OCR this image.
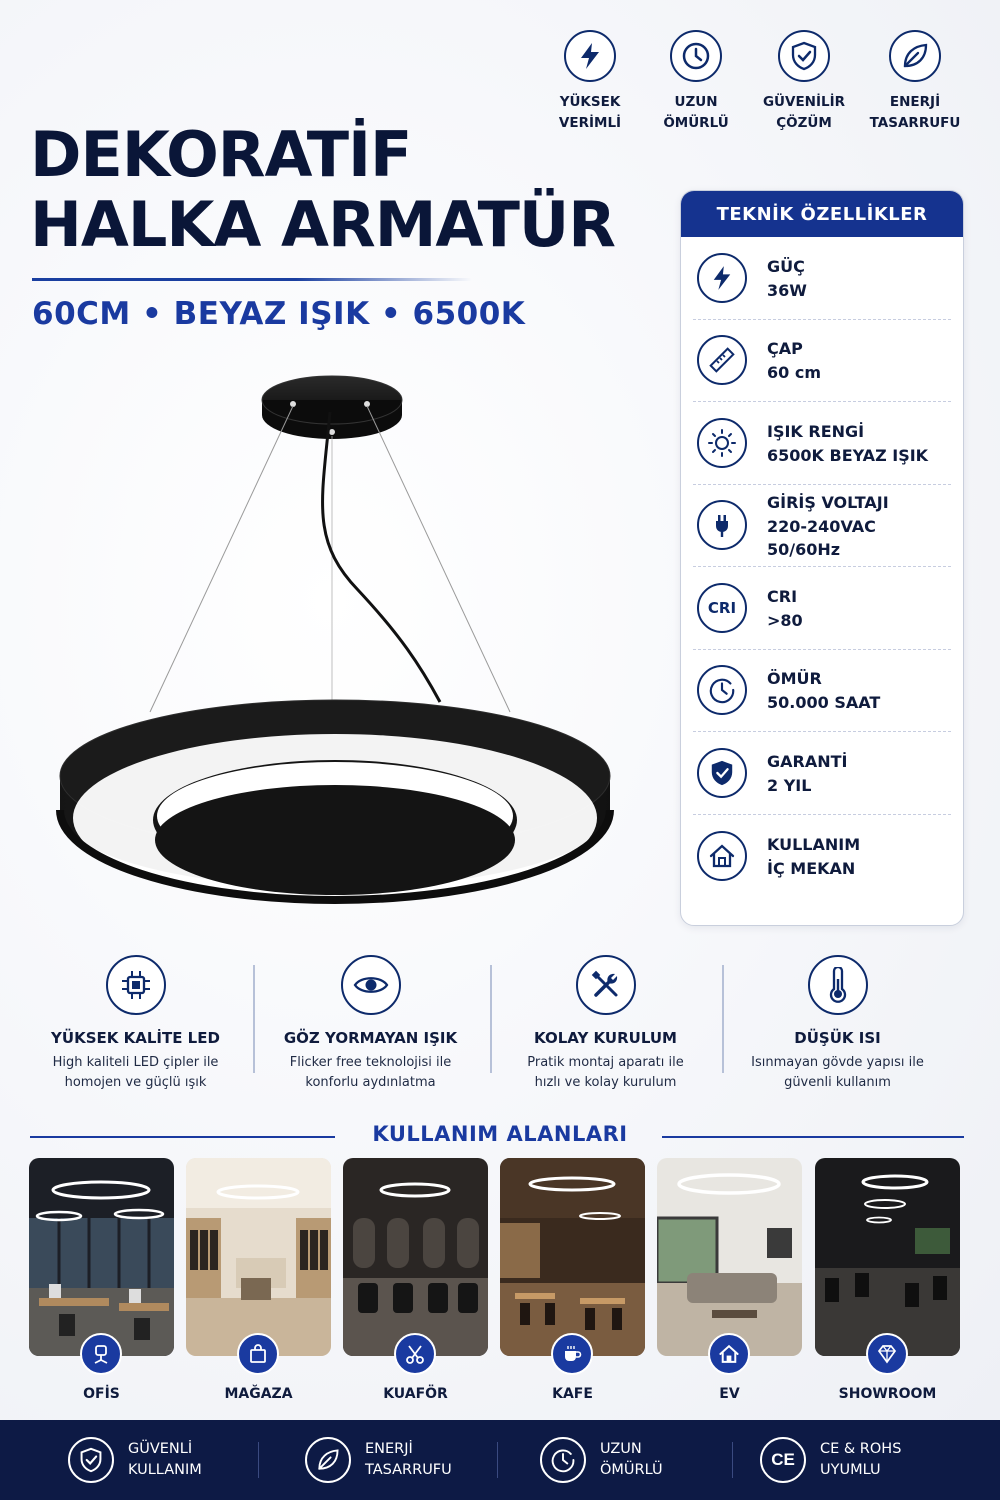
YÜKSEK
VERİMLİ
UZUN
ÖMÜRLÜ
GÜVENİLİR
ÇÖZÜM
ENERJİ
TASARRUFU
DEKORATİF
HALKA ARMATÜR
60CM • BEYAZ IŞIK • 6500K
TEKNİK ÖZELLİKLER
GÜÇ
36W
ÇAP
60 cm
IŞIK RENGİ
6500K BEYAZ IŞIK
GİRİŞ VOLTAJI
220-240VAC
50/60Hz
CRI
CRI
>80
ÖMÜR
50.000 SAAT
GARANTİ
2 YIL
KULLANIM
İÇ MEKAN
YÜKSEK KALİTE LED
High kaliteli LED çipler ile
homojen ve güçlü ışık
GÖZ YORMAYAN IŞIK
Flicker free teknolojisi ile
konforlu aydınlatma
KOLAY KURULUM
Pratik montaj aparatı ile
hızlı ve kolay kurulum
DÜŞÜK ISI
Isınmayan gövde yapısı ile
güvenli kullanım
KULLANIM ALANLARI
OFİS	MAĞAZA	KUAFÖR	KAFE	EV	SHOWROOM
GÜVENLİ
KULLANIM
ENERJİ
TASARRUFU
UZUN
ÖMÜRLÜ
CE
CE & ROHS
UYUMLU
